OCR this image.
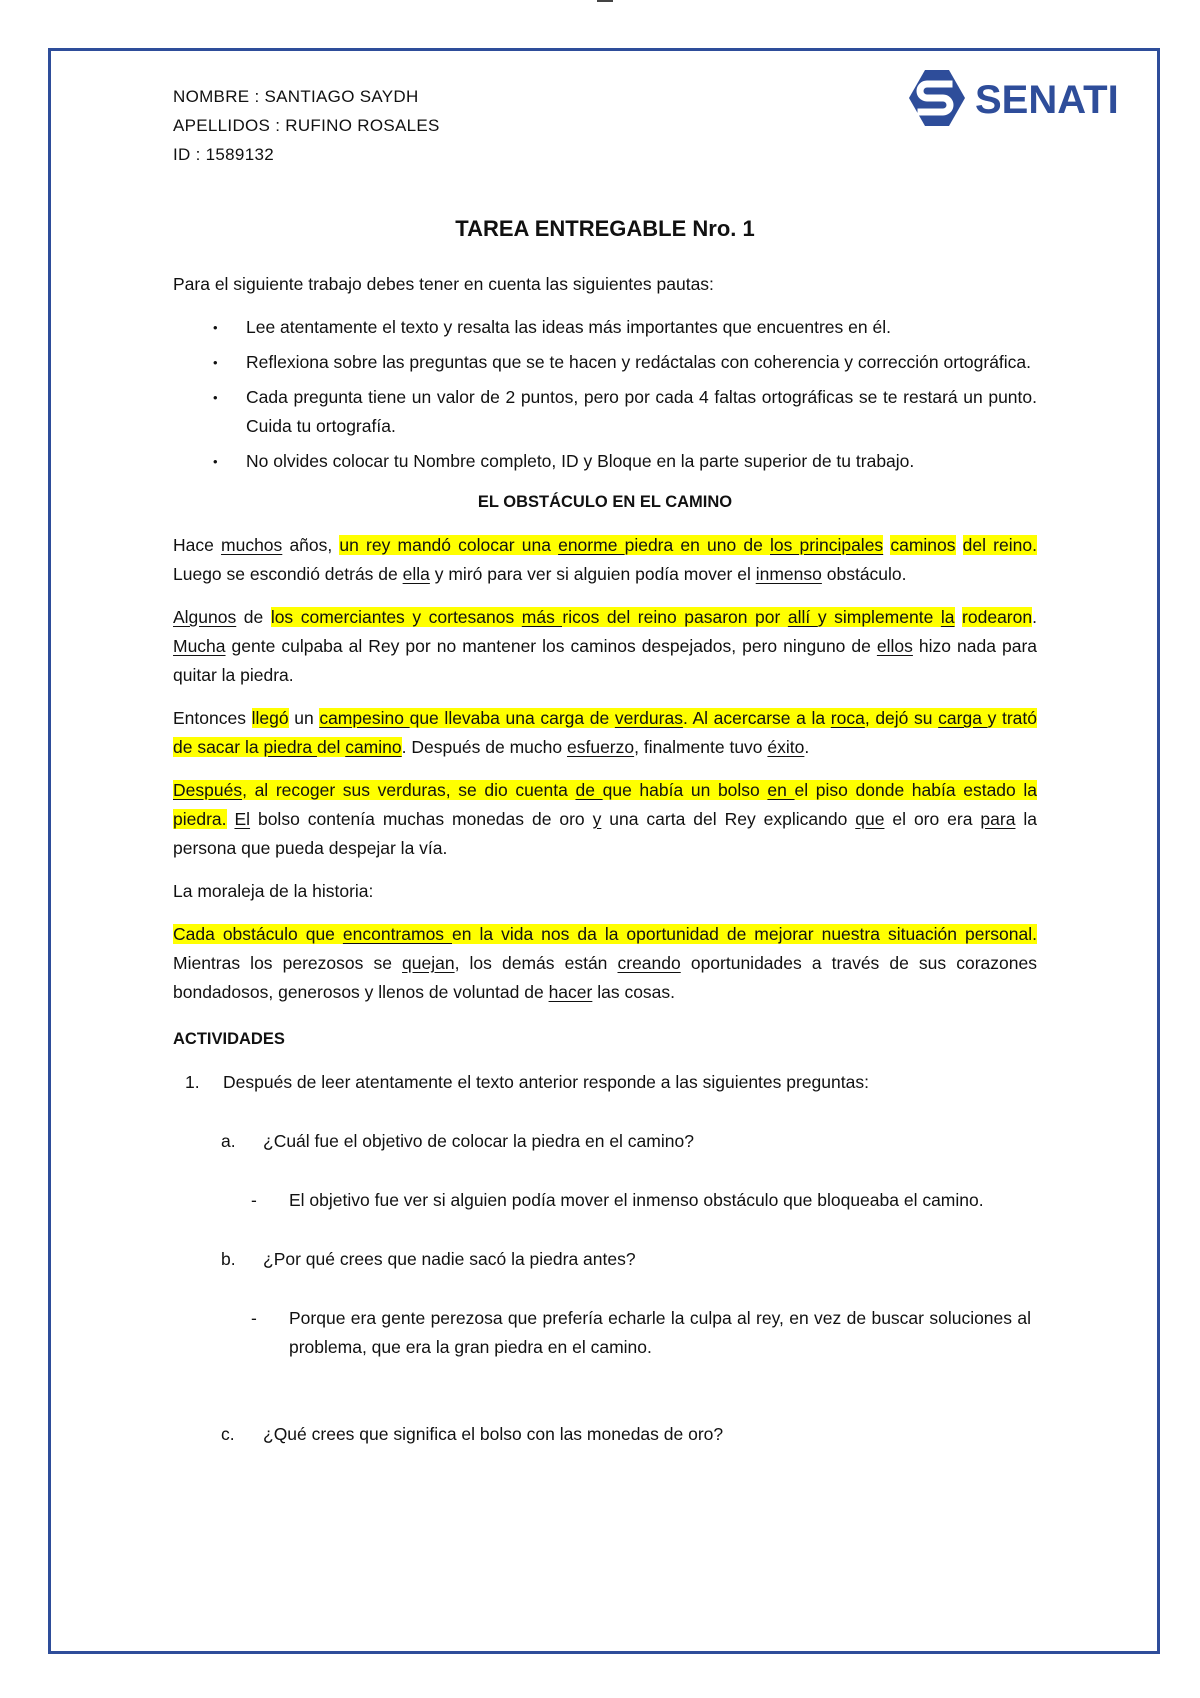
SENATI

NOMBRE : SANTIAGO SAYDH

APELLIDOS : RUFINO ROSALES

ID : 1589132

TAREA ENTREGABLE Nro. 1

Para el siguiente trabajo debes tener en cuenta las siguientes pautas:

• Lee atentamente el texto y resalta las ideas más importantes que encuentres en él.
• Reflexiona sobre las preguntas que se te hacen y redáctalas con coherencia y corrección ortográfica.
• Cada pregunta tiene un valor de 2 puntos, pero por cada 4 faltas ortográficas se te restará un punto. Cuida tu ortografía.
• No olvides colocar tu Nombre completo, ID y Bloque en la parte superior de tu trabajo.

EL OBSTÁCULO EN EL CAMINO

Hace muchos años, un rey mandó colocar una enorme piedra en uno de los principales caminos del reino. Luego se escondió detrás de ella y miró para ver si alguien podía mover el inmenso obstáculo.

Algunos de los comerciantes y cortesanos más ricos del reino pasaron por allí y simplemente la rodearon. Mucha gente culpaba al Rey por no mantener los caminos despejados, pero ninguno de ellos hizo nada para quitar la piedra.

Entonces llegó un campesino que llevaba una carga de verduras. Al acercarse a la roca, dejó su carga y trató de sacar la piedra del camino. Después de mucho esfuerzo, finalmente tuvo éxito.

Después, al recoger sus verduras, se dio cuenta de que había un bolso en el piso donde había estado la piedra. El bolso contenía muchas monedas de oro y una carta del Rey explicando que el oro era para la persona que pueda despejar la vía.

La moraleja de la historia:

Cada obstáculo que encontramos en la vida nos da la oportunidad de mejorar nuestra situación personal. Mientras los perezosos se quejan, los demás están creando oportunidades a través de sus corazones bondadosos, generosos y llenos de voluntad de hacer las cosas.

ACTIVIDADES

1. Después de leer atentamente el texto anterior responde a las siguientes preguntas:

a. ¿Cuál fue el objetivo de colocar la piedra en el camino?

- El objetivo fue ver si alguien podía mover el inmenso obstáculo que bloqueaba el camino.

b. ¿Por qué crees que nadie sacó la piedra antes?

- Porque era gente perezosa que prefería echarle la culpa al rey, en vez de buscar soluciones al problema, que era la gran piedra en el camino.

c. ¿Qué crees que significa el bolso con las monedas de oro?
